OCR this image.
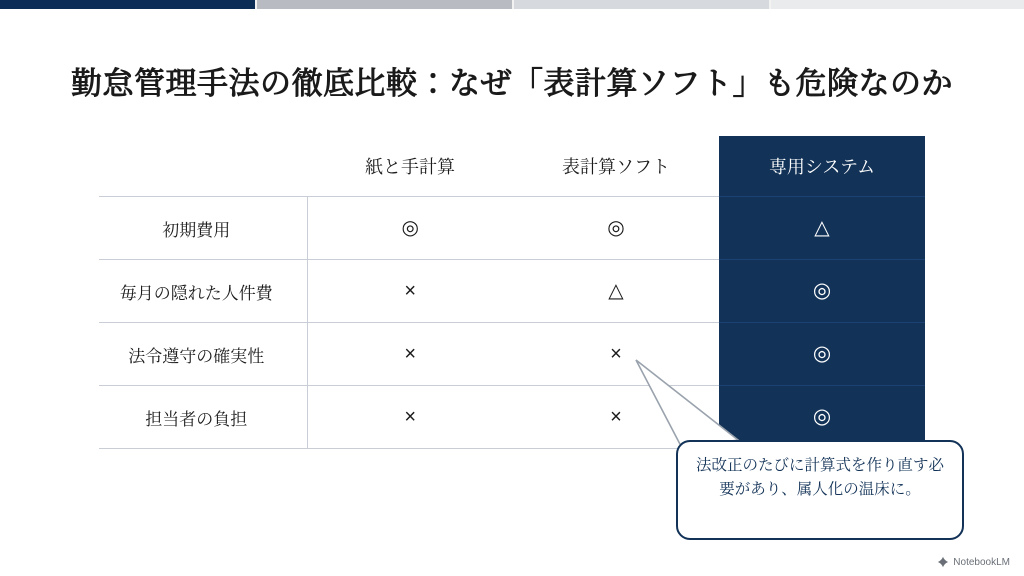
勤怠管理手法の徹底比較：なぜ「表計算ソフト」も危険なのか
	紙と手計算	表計算ソフト	専用システム
初期費用	◎	◎	△
毎月の隠れた人件費	×	△	◎
法令遵守の確実性	×	×	◎
担当者の負担	×	×	◎

法改正のたびに計算式を作り直す必要があり、属人化の温床に。

NotebookLM
